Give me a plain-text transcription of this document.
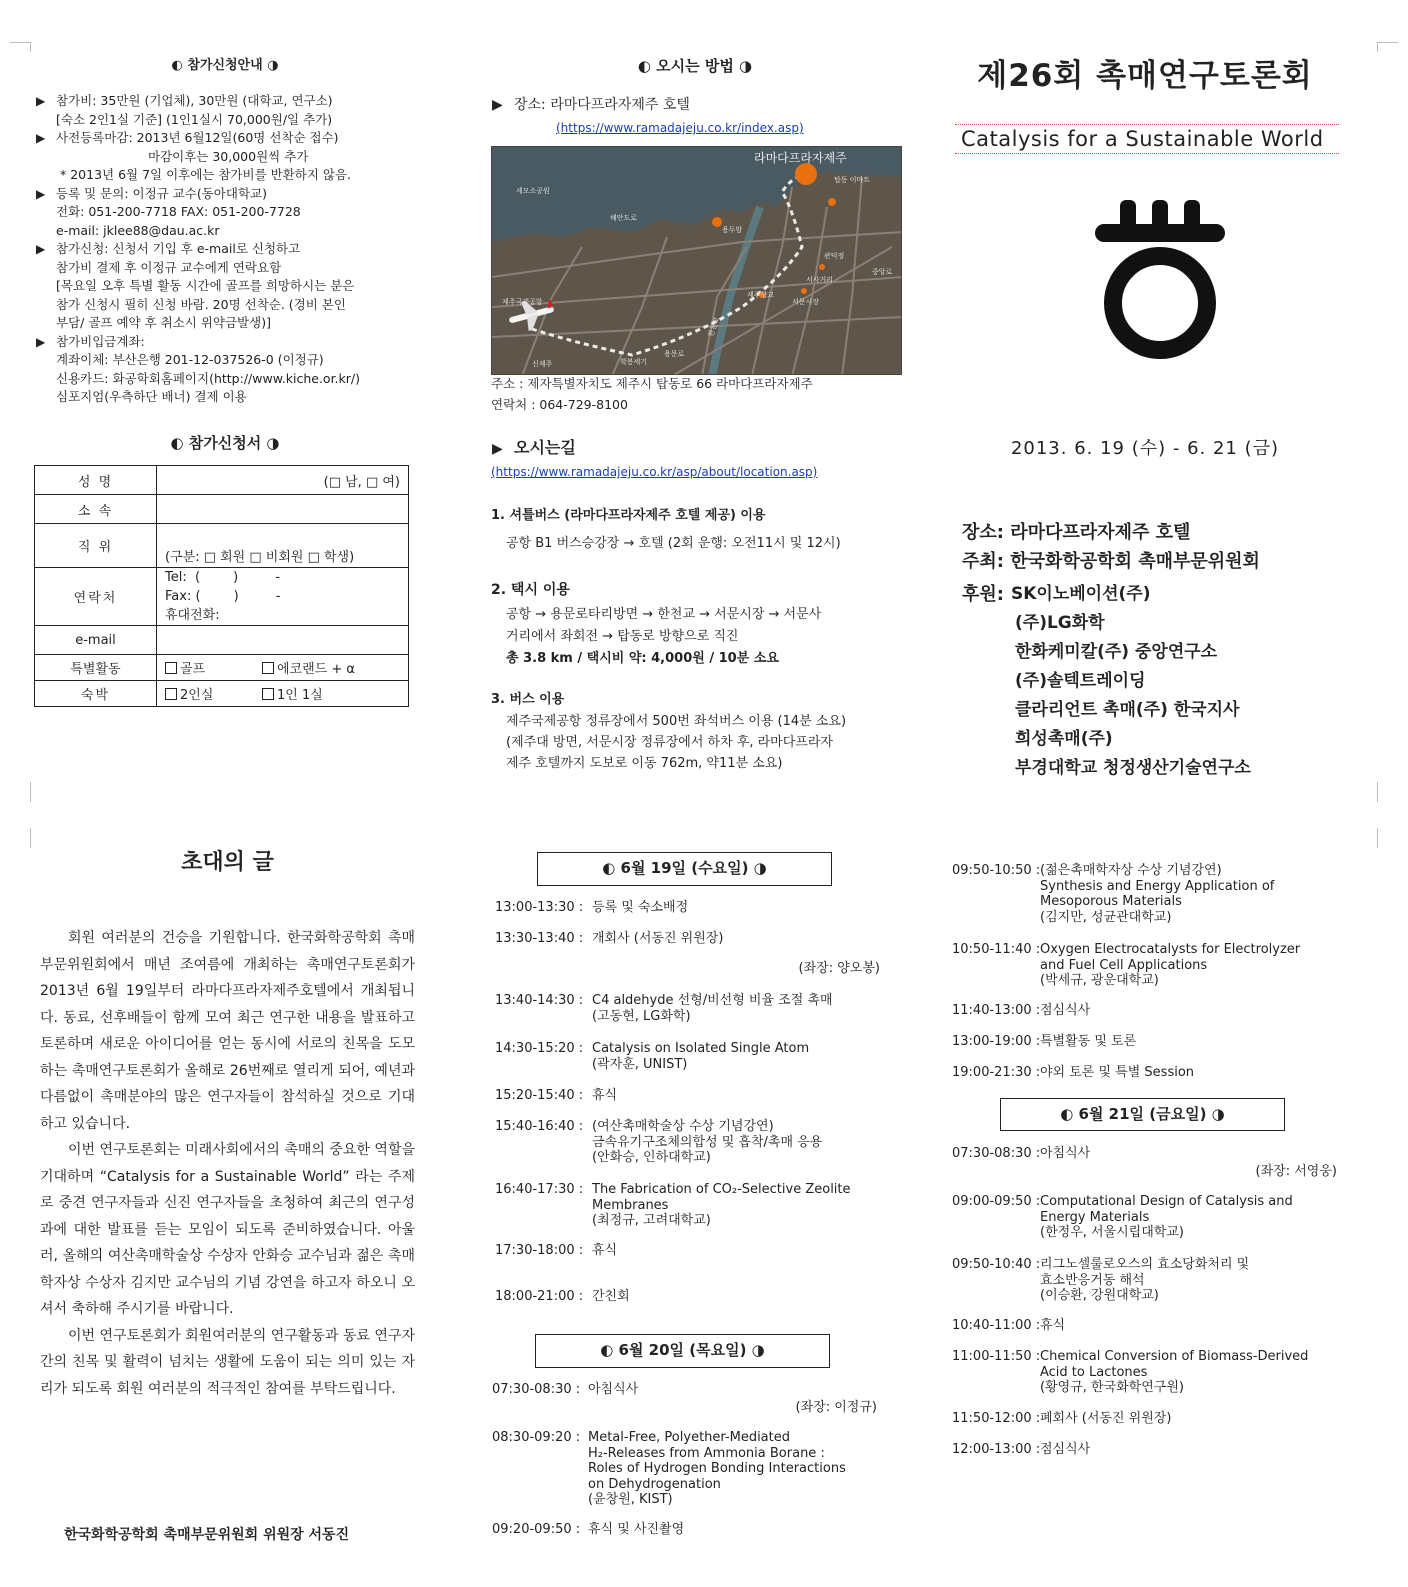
◐ 참가신청안내 ◑
▶ 참가비: 35만원 (기업체), 30만원 (대학교, 연구소)
[숙소 2인1실 기준] (1인1실시 70,000원/일 추가)
▶ 사전등록마감: 2013년 6월12일(60명 선착순 접수)
마감이후는 30,000원씩 추가
* 2013년 6월 7일 이후에는 참가비를 반환하지 않음.
▶ 등록 및 문의: 이정규 교수(동아대학교)
전화: 051-200-7718 FAX: 051-200-7728
e-mail: jklee88@dau.ac.kr
▶ 참가신청: 신청서 기입 후 e-mail로 신청하고
참가비 결제 후 이정규 교수에게 연락요함
[목요일 오후 특별 활동 시간에 골프를 희망하시는 분은
참가 신청시 필히 신청 바람. 20명 선착순. (경비 본인
부담/ 골프 예약 후 취소시 위약금발생)]
▶ 참가비입금계좌:
계좌이체: 부산은행 201-12-037526-0 (이정규)
신용카드: 화공학회홈페이지(http://www.kiche.or.kr/)
심포지엄(우측하단 배너) 결제 이용
◐ 참가신청서 ◑
성 명	(□ 남, □ 여)
소 속	
직 위	(구분: □ 회원 □ 비회원 □ 학생)
연락처	Tel:  (        )         -
Fax: (        )         -
휴대전화:

e-mail	
특별활동	골프 에코랜드 + α
숙박	2인실 1인 1실
◐ 오시는 방법 ◑
▶ 장소: 라마다프라자제주 호텔
(https://www.ramadajeju.co.kr/index.asp)
라마다프라자제주
세모소공원
해안도로
용두암
제주국제공항	서문시장
제주향교
관덕정
서사거리
신제주	학봉세기
용문로
한천교
중앙로
탑동 이마트
주소 : 제자특별자치도 제주시 탑동로 66 라마다프라자제주
연락처 : 064-729-8100
▶ 오시는길
(https://www.ramadajeju.co.kr/asp/about/location.asp)
1. 셔틀버스 (라마다프라자제주 호텔 제공) 이용
공항 B1 버스승강장 → 호텔 (2회 운행: 오전11시 및 12시)
2. 택시 이용
공항 → 용문로타리방면 → 한천교 → 서문시장 → 서문사
거리에서 좌회전 → 탑동로 방향으로 직진
총 3.8 km / 택시비 약: 4,000원 / 10분 소요
3. 버스 이용
제주국제공항 정류장에서 500번 좌석버스 이용 (14분 소요)
(제주대 방면, 서문시장 정류장에서 하차 후, 라마다프라자
제주 호텔까지 도보로 이동 762m, 약11분 소요)
제26회 촉매연구토론회
Catalysis for a Sustainable World
2013. 6. 19 (수) - 6. 21 (금)
장소: 라마다프라자제주 호텔
주최: 한국화학공학회 촉매부문위원회
후원: SK이노베이션(주)
(주)LG화학
한화케미칼(주) 중앙연구소
(주)솔텍트레이딩
클라리언트 촉매(주) 한국지사
희성촉매(주)
부경대학교 청정생산기술연구소
초대의 글

회원 여러분의 건승을 기원합니다. 한국화학공학회 촉매부문위원회에서 매년 조여름에 개최하는 촉매연구토론회가 2013년 6월 19일부터 라마다프라자제주호텔에서 개최됩니다. 동료, 선후배들이 함께 모여 최근 연구한 내용을 발표하고 토론하며 새로운 아이디어를 얻는 동시에 서로의 친목을 도모하는 촉매연구토론회가 올해로 26번째로 열리게 되어, 예년과 다름없이 촉매분야의 많은 연구자들이 참석하실 것으로 기대하고 있습니다.

이번 연구토론회는 미래사회에서의 촉매의 중요한 역할을 기대하며 “Catalysis for a Sustainable World” 라는 주제로 중견 연구자들과 신진 연구자들을 초청하여 최근의 연구성과에 대한 발표를 듣는 모임이 되도록 준비하였습니다. 아울러, 올해의 여산촉매학술상 수상자 안화승 교수님과 젊은 촉매학자상 수상자 김지만 교수님의 기념 강연을 하고자 하오니 오셔서 축하해 주시기를 바랍니다.

이번 연구토론회가 회원여러분의 연구활동과 동료 연구자 간의 친목 및 활력이 넘치는 생활에 도움이 되는 의미 있는 자리가 되도록 회원 여러분의 적극적인 참여를 부탁드립니다.

한국화학공학회 촉매부문위원회 위원장 서동진
◐ 6월 19일 (수요일) ◑
13:00-13:30 : 등록 및 숙소배정
13:30-13:40 : 개회사 (서동진 위원장)
(좌장: 양오봉)
13:40-14:30 : C4 aldehyde 선형/비선형 비율 조절 촉매
(고동현, LG화학)
14:30-15:20 : Catalysis on Isolated Single Atom
(곽자훈, UNIST)
15:20-15:40 : 휴식
15:40-16:40 : (여산촉매학술상 수상 기념강연)
금속유기구조체의합성 및 흡착/촉매 응용
(안화승, 인하대학교)
16:40-17:30 : The Fabrication of CO₂-Selective Zeolite
Membranes
(최정규, 고려대학교)
17:30-18:00 : 휴식
18:00-21:00 : 간친회
◐ 6월 20일 (목요일) ◑
07:30-08:30 : 아침식사
(좌장: 이정규)
08:30-09:20 : Metal-Free, Polyether-Mediated
H₂-Releases from Ammonia Borane :
Roles of Hydrogen Bonding Interactions
on Dehydrogenation
(윤창원, KIST)
09:20-09:50 : 휴식 및 사진촬영
09:50-10:50 : (젊은촉매학자상 수상 기념강연)
Synthesis and Energy Application of
Mesoporous Materials
(김지만, 성균관대학교)
10:50-11:40 : Oxygen Electrocatalysts for Electrolyzer
and Fuel Cell Applications
(박세규, 광운대학교)
11:40-13:00 : 점심식사
13:00-19:00 : 특별활동 및 토론
19:00-21:30 : 야외 토론 및 특별 Session
◐ 6월 21일 (금요일) ◑
07:30-08:30 : 아침식사
(좌장: 서영웅)
09:00-09:50 : Computational Design of Catalysis and
Energy Materials
(한정우, 서울시립대학교)
09:50-10:40 : 리그노셀룰로오스의 효소당화처리 및
효소반응거동 해석
(이승환, 강원대학교)
10:40-11:00 : 휴식
11:00-11:50 : Chemical Conversion of Biomass-Derived
Acid to Lactones
(황영규, 한국화학연구원)
11:50-12:00 : 폐회사 (서동진 위원장)
12:00-13:00 : 점심식사
